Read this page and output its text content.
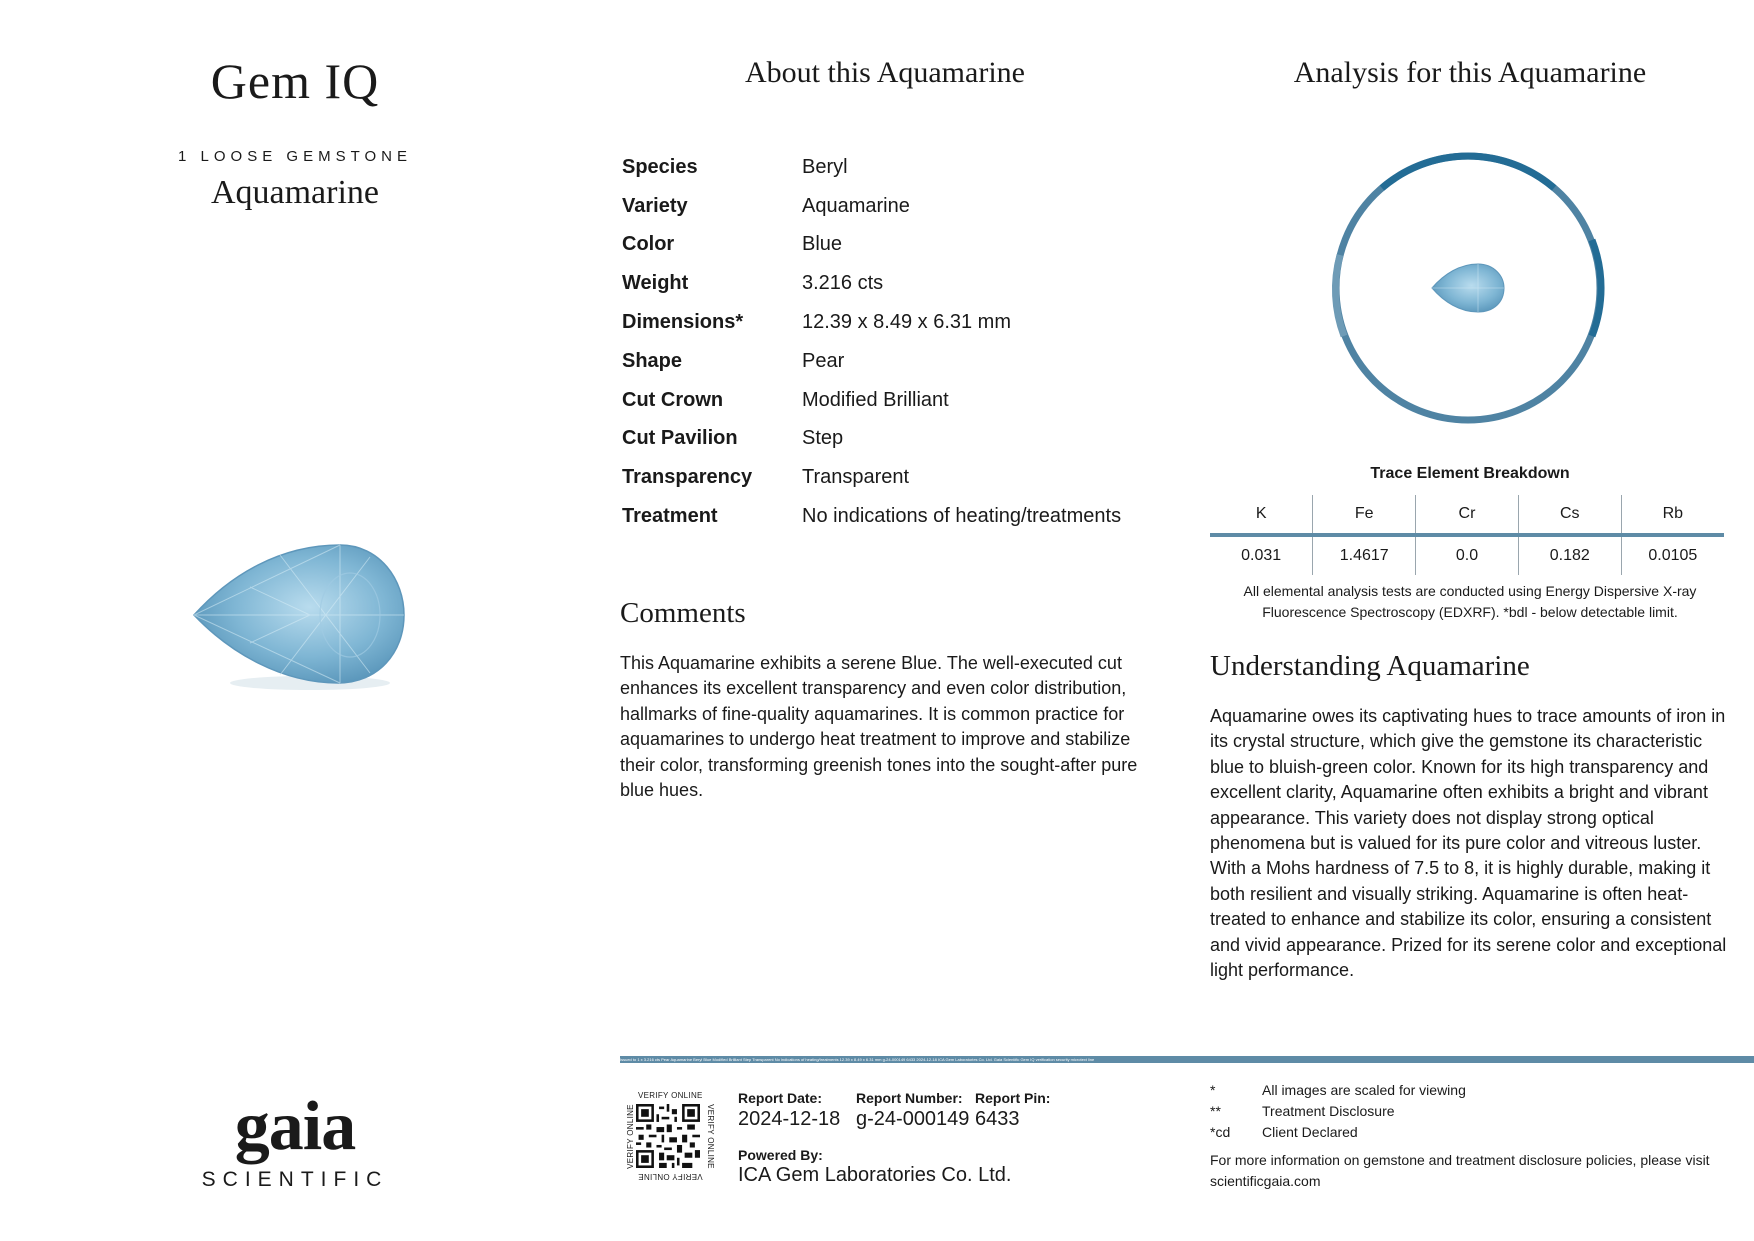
Gem IQ
1 LOOSE GEMSTONE
Aquamarine
gaia
SCIENTIFIC
About this Aquamarine
Species	Beryl
Variety	Aquamarine
Color	Blue
Weight	3.216 cts
Dimensions*	12.39 x 8.49 x 6.31 mm
Shape	Pear
Cut Crown	Modified Brilliant
Cut Pavilion	Step
Transparency	Transparent
Treatment	No indications of heating/treatments
Comments
This Aquamarine exhibits a serene Blue. The well-executed cut enhances its excellent transparency and even color distribution, hallmarks of fine-quality aquamarines. It is common practice for aquamarines to undergo heat treatment to improve and stabilize their color, transforming greenish tones into the sought-after pure blue hues.
Analysis for this Aquamarine
Trace Element Breakdown
K	Fe	Cr	Cs	Rb
0.031	1.4617	0.0	0.182	0.0105
All elemental analysis tests are conducted using Energy Dispersive X-ray Fluorescence Spectroscopy (EDXRF). *bdl - below detectable limit.
Understanding Aquamarine
Aquamarine owes its captivating hues to trace amounts of iron in its crystal structure, which give the gemstone its characteristic blue to bluish-green color. Known for its high transparency and excellent clarity, Aquamarine often exhibits a bright and vibrant appearance. This variety does not display strong optical phenomena but is valued for its pure color and vitreous luster. With a Mohs hardness of 7.5 to 8, it is highly durable, making it both resilient and visually striking. Aquamarine is often heat-treated to enhance and stabilize its color, ensuring a consistent and vivid appearance. Prized for its serene color and exceptional light performance.
Issued to 1 x 3.216 cts Pear Aquamarine Beryl Blue Modified Brilliant Step Transparent No indications of heating/treatments 12.39 x 8.49 x 6.31 mm g-24-000149 6433 2024-12-18 ICA Gem Laboratories Co. Ltd. Gaia Scientific Gem IQ verification security microtext line
VERIFY ONLINE
VERIFY ONLINE
VERIFY ONLINE	VERIFY ONLINE
Report Date:
2024-12-18
Report Number:
g-24-000149
Report Pin:
6433
Powered By:
ICA Gem Laboratories Co. Ltd.
*	All images are scaled for viewing
**	Treatment Disclosure
*cd Client Declared
For more information on gemstone and treatment disclosure policies, please visit scientificgaia.com
